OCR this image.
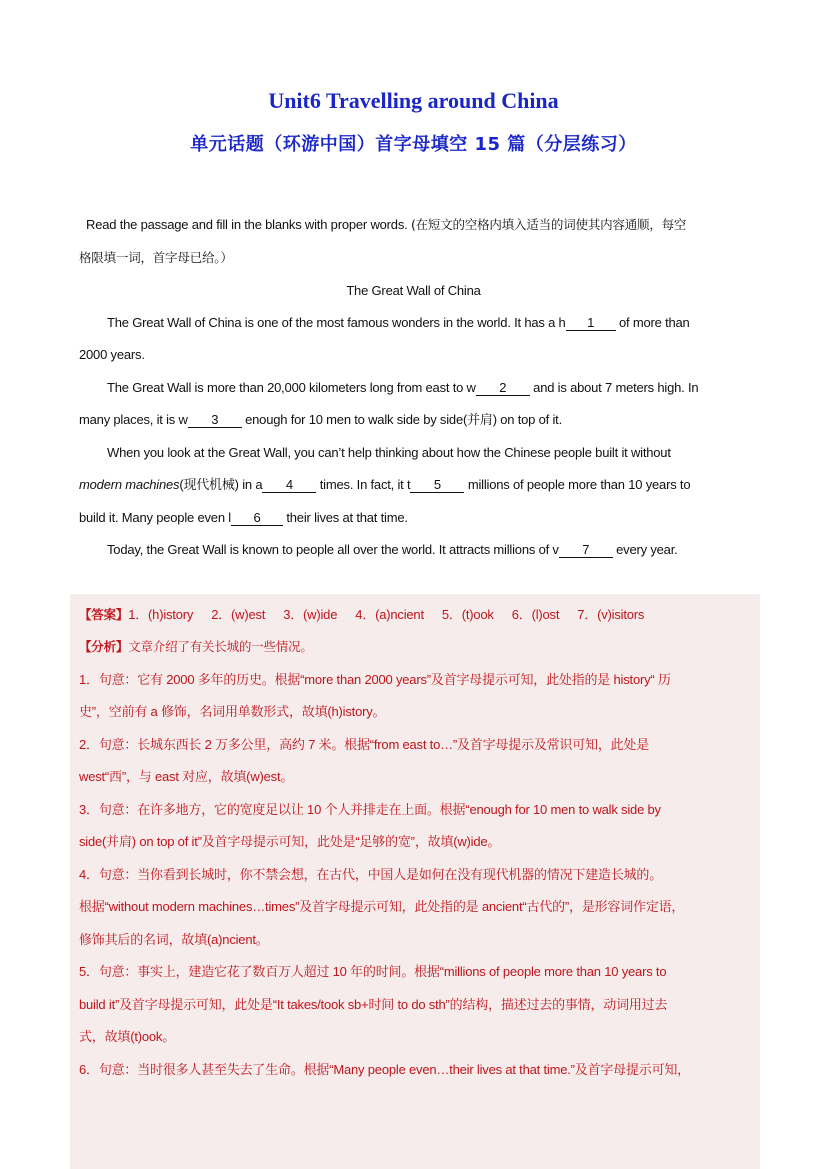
Unit6 Travelling around China
单元话题（环游中国）首字母填空 15 篇（分层练习）
Read the passage and fill in the blanks with proper words. (在短文的空格内填入适当的词使其内容通顺，每空
格限填一词，首字母已给。）
The Great Wall of China
The Great Wall of China is one of the most famous wonders in the world. It has a h 1 of more than
2000 years.
The Great Wall is more than 20,000 kilometers long from east to w 2 and is about 7 meters high. In
many places, it is w 3 enough for 10 men to walk side by side(并肩) on top of it.
When you look at the Great Wall, you can’t help thinking about how the Chinese people built it without
modern machines(现代机械) in a 4 times. In fact, it t 5 millions of people more than 10 years to
build it. Many people even l 6 their lives at that time.
Today, the Great Wall is known to people all over the world. It attracts millions of v 7 every year.
【答案】1．(h)istory 2．(w)est 3．(w)ide 4．(a)ncient 5．(t)ook 6．(l)ost 7．(v)isitors
【分析】文章介绍了有关长城的一些情况。
1．句意：它有 2000 多年的历史。根据“more than 2000 years”及首字母提示可知，此处指的是 history“ 历
史”，空前有 a 修饰，名词用单数形式，故填(h)istory。
2．句意：长城东西长 2 万多公里，高约 7 米。根据“from east to…”及首字母提示及常识可知，此处是
west“西”，与 east 对应，故填(w)est。
3．句意：在许多地方，它的宽度足以让 10 个人并排走在上面。根据“enough for 10 men to walk side by
side(并肩) on top of it”及首字母提示可知，此处是“足够的宽”，故填(w)ide。
4．句意：当你看到长城时，你不禁会想，在古代，中国人是如何在没有现代机器的情况下建造长城的。
根据“without modern machines…times”及首字母提示可知，此处指的是 ancient“古代的”，是形容词作定语，
修饰其后的名词，故填(a)ncient。
5．句意：事实上，建造它花了数百万人超过 10 年的时间。根据“millions of people more than 10 years to
build it”及首字母提示可知，此处是“It takes/took sb+时间 to do sth”的结构，描述过去的事情，动词用过去
式，故填(t)ook。
6．句意：当时很多人甚至失去了生命。根据“Many people even…their lives at that time.”及首字母提示可知，
